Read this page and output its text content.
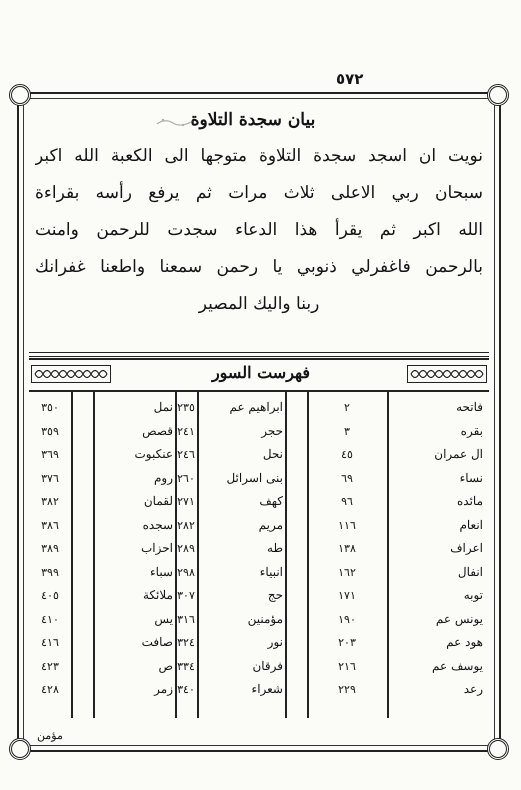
٥٧٢
بيان سجدة التلاوة
نويت ان اسجد سجدة التلاوة متوجها الى الكعبة الله اكبر
سبحان ربي الاعلى ثلاث مرات ثم يرفع رأسه بقراءة
الله اكبر ثم يقرأ هذا الدعاء سجدت للرحمن وامنت
بالرحمن فاغفرلي ذنوبي يا رحمن سمعنا واطعنا غفرانك
ربنا واليك المصير
فهرست السور
فاتحه
٢
ابراهيم عم
٢٣٥
نمل
٣٥٠
بقره
٣
حجر
٢٤١
قصص
٣٥٩
ال عمران
٤٥
نحل
٢٤٦
عنكبوت
٣٦٩
نساء
٦٩
بنى اسرائل
٢٦٠
روم
٣٧٦
مائده
٩٦
كهف
٢٧١
لقمان
٣٨٢
انعام
١١٦
مريم
٢٨٢
سجده
٣٨٦
اعراف
١٣٨
طه
٢٨٩
احزاب
٣٨٩
انفال
١٦٢
انبياء
٢٩٨
سباء
٣٩٩
توبه
١٧١
حج
٣٠٧
ملائكة
٤٠٥
يونس عم
١٩٠
مؤمنين
٣١٦
يس
٤١٠
هود عم
٢٠٣
نور
٣٢٤
صافت
٤١٦
يوسف عم
٢١٦
فرقان
٣٣٤
ص
٤٢٣
رعد
٢٢٩
شعراء
٣٤٠
زمر
٤٢٨
مؤمن
